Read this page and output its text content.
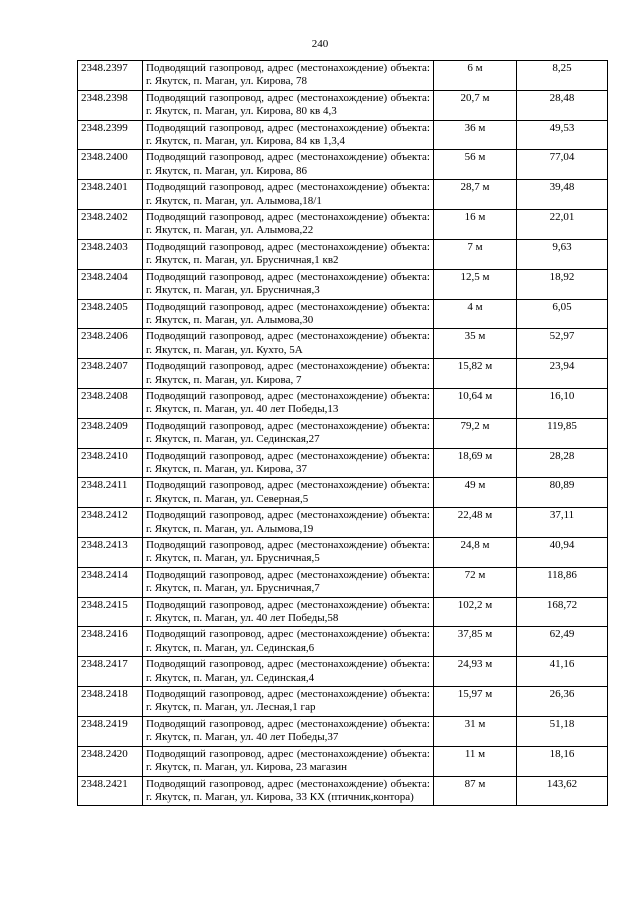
240
2348.2397	Подводящий газопровод, адрес (местонахождение) объекта: г. Якутск, п. Маган, ул. Кирова, 78	6 м	8,25
2348.2398	Подводящий газопровод, адрес (местонахождение) объекта: г. Якутск, п. Маган, ул. Кирова, 80 кв 4,3	20,7 м	28,48
2348.2399	Подводящий газопровод, адрес (местонахождение) объекта: г. Якутск, п. Маган, ул. Кирова, 84 кв 1,3,4	36 м	49,53
2348.2400	Подводящий газопровод, адрес (местонахождение) объекта: г. Якутск, п. Маган, ул. Кирова, 86	56 м	77,04
2348.2401	Подводящий газопровод, адрес (местонахождение) объекта: г. Якутск, п. Маган, ул. Алымова,18/1	28,7 м	39,48
2348.2402	Подводящий газопровод, адрес (местонахождение) объекта: г. Якутск, п. Маган, ул. Алымова,22	16 м	22,01
2348.2403	Подводящий газопровод, адрес (местонахождение) объекта: г. Якутск, п. Маган, ул. Брусничная,1 кв2	7 м	9,63
2348.2404	Подводящий газопровод, адрес (местонахождение) объекта: г. Якутск, п. Маган, ул. Брусничная,3	12,5 м	18,92
2348.2405	Подводящий газопровод, адрес (местонахождение) объекта: г. Якутск, п. Маган, ул. Алымова,30	4 м	6,05
2348.2406	Подводящий газопровод, адрес (местонахождение) объекта: г. Якутск, п. Маган, ул. Кухто, 5А	35 м	52,97
2348.2407	Подводящий газопровод, адрес (местонахождение) объекта: г. Якутск, п. Маган, ул. Кирова, 7	15,82 м	23,94
2348.2408	Подводящий газопровод, адрес (местонахождение) объекта: г. Якутск, п. Маган, ул. 40 лет Победы,13	10,64 м	16,10
2348.2409	Подводящий газопровод, адрес (местонахождение) объекта: г. Якутск, п. Маган, ул. Сединская,27	79,2 м	119,85
2348.2410	Подводящий газопровод, адрес (местонахождение) объекта: г. Якутск, п. Маган, ул. Кирова, 37	18,69 м	28,28
2348.2411	Подводящий газопровод, адрес (местонахождение) объекта: г. Якутск, п. Маган, ул. Северная,5	49 м	80,89
2348.2412	Подводящий газопровод, адрес (местонахождение) объекта: г. Якутск, п. Маган, ул. Алымова,19	22,48 м	37,11
2348.2413	Подводящий газопровод, адрес (местонахождение) объекта: г. Якутск, п. Маган, ул. Брусничная,5	24,8 м	40,94
2348.2414	Подводящий газопровод, адрес (местонахождение) объекта: г. Якутск, п. Маган, ул. Брусничная,7	72 м	118,86
2348.2415	Подводящий газопровод, адрес (местонахождение) объекта: г. Якутск, п. Маган, ул. 40 лет Победы,58	102,2 м	168,72
2348.2416	Подводящий газопровод, адрес (местонахождение) объекта: г. Якутск, п. Маган, ул. Сединская,6	37,85 м	62,49
2348.2417	Подводящий газопровод, адрес (местонахождение) объекта: г. Якутск, п. Маган, ул. Сединская,4	24,93 м	41,16
2348.2418	Подводящий газопровод, адрес (местонахождение) объекта: г. Якутск, п. Маган, ул. Лесная,1 гар	15,97 м	26,36
2348.2419	Подводящий газопровод, адрес (местонахождение) объекта: г. Якутск, п. Маган, ул. 40 лет Победы,37	31 м	51,18
2348.2420	Подводящий газопровод, адрес (местонахождение) объекта: г. Якутск, п. Маган, ул. Кирова, 23 магазин	11 м	18,16
2348.2421	Подводящий газопровод, адрес (местонахождение) объекта: г. Якутск, п. Маган, ул. Кирова, 33 КХ (птичник,контора)	87 м	143,62
